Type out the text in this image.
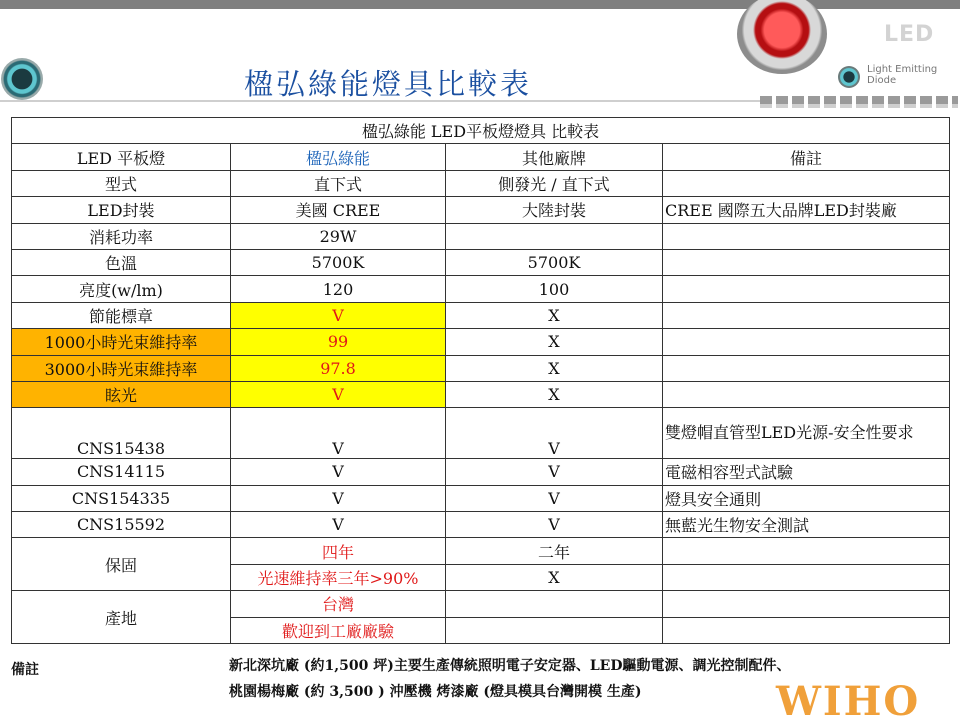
LED
Light Emitting Diode
楹弘綠能燈具比較表
楹弘綠能 LED平板燈燈具 比較表			
LED 平板燈	楹弘綠能	其他廠牌	備註
型式	直下式	側發光 / 直下式	
LED封裝	美國 CREE	大陸封裝	CREE 國際五大品牌LED封裝廠
消耗功率	29W		
色溫	5700K	5700K	
亮度(w/lm)	120	100	
節能標章	V	X	
1000小時光束維持率	99	X	
3000小時光束維持率	97.8	X	
眩光	V	X	
CNS15438	V	V	雙燈帽直管型LED光源-安全性要求
CNS14115	V	V	電磁相容型式試驗
CNS154335	V	V	燈具安全通則
CNS15592	V	V	無藍光生物安全測試
保固	四年	二年	
	光速維持率三年>90%	X	
產地	台灣		
	歡迎到工廠廠驗		
備註	新北深坑廠 (約1,500 坪)主要生產傳統照明電子安定器、LED驅動電源、調光控制配件、
桃園楊梅廠 (約 3,500 ) 沖壓機 烤漆廠 (燈具模具台灣開模 生產)	WIHO
